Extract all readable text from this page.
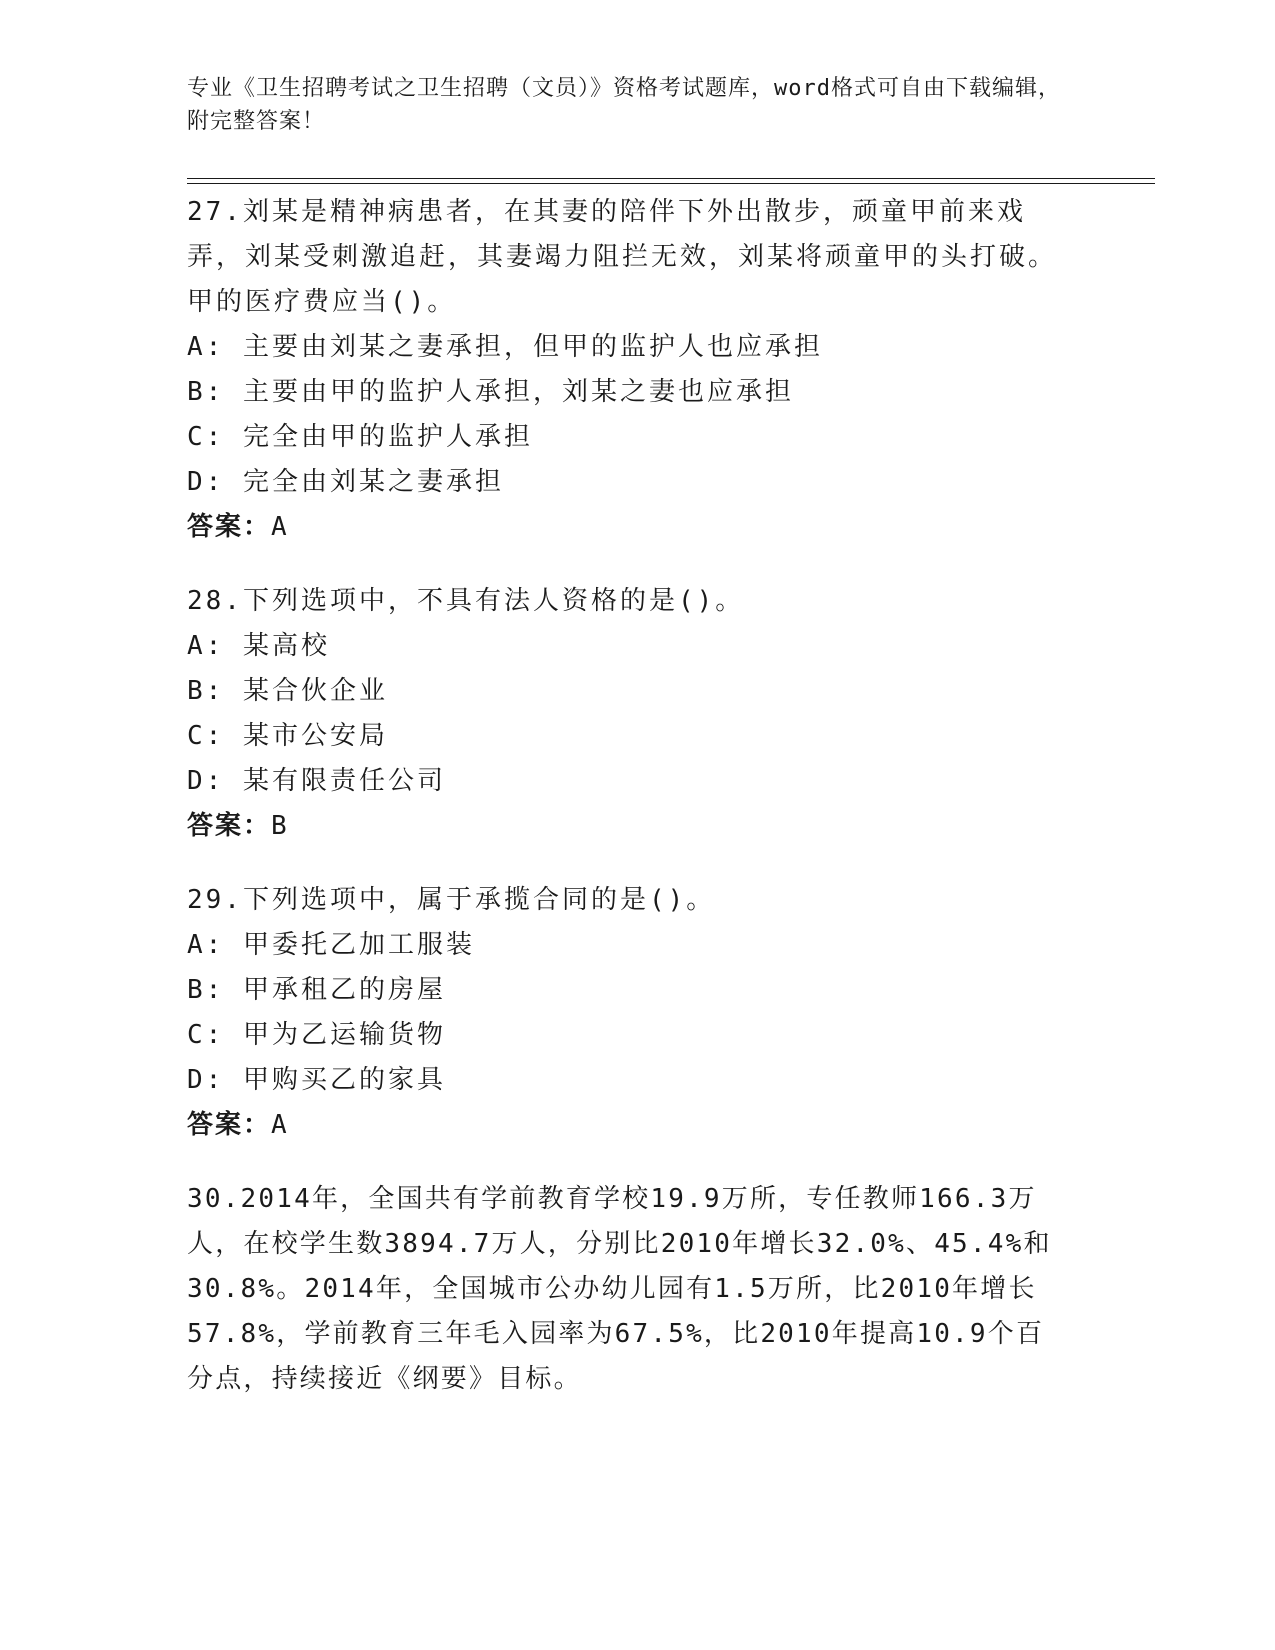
专业《卫生招聘考试之卫生招聘（文员）》资格考试题库，word格式可自由下载编辑，附完整答案！

27.刘某是精神病患者，在其妻的陪伴下外出散步，顽童甲前来戏弄，刘某受刺激追赶，其妻竭力阻拦无效，刘某将顽童甲的头打破。甲的医疗费应当()。

A: 主要由刘某之妻承担，但甲的监护人也应承担

B: 主要由甲的监护人承担，刘某之妻也应承担

C: 完全由甲的监护人承担

D: 完全由刘某之妻承担

答案：A

28.下列选项中，不具有法人资格的是()。

A: 某高校

B: 某合伙企业

C: 某市公安局

D: 某有限责任公司

答案：B

29.下列选项中，属于承揽合同的是()。

A: 甲委托乙加工服装

B: 甲承租乙的房屋

C: 甲为乙运输货物

D: 甲购买乙的家具

答案：A

30.2014年，全国共有学前教育学校19.9万所，专任教师166.3万人，在校学生数3894.7万人，分别比2010年增长32.0%、45.4%和30.8%。2014年，全国城市公办幼儿园有1.5万所，比2010年增长57.8%，学前教育三年毛入园率为67.5%，比2010年提高10.9个百分点，持续接近《纲要》目标。
